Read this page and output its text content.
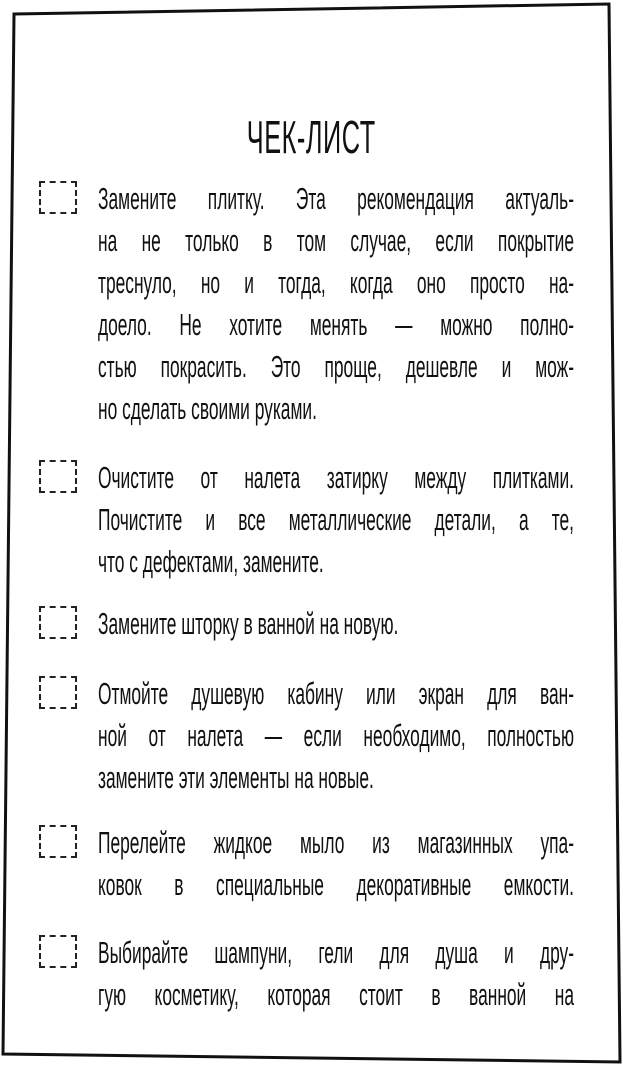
ЧЕК-ЛИСТ
Замените плитку. Эта рекомендация актуаль-
на не только в том случае, если покрытие
треснуло, но и тогда, когда оно просто на-
доело. Не хотите менять — можно полно-
стью покрасить. Это проще, дешевле и мож-
но сделать своими руками.
Очистите от налета затирку между плитками.
Почистите и все металлические детали, а те,
что с дефектами, замените.
Замените шторку в ванной на новую.
Отмойте душевую кабину или экран для ван-
ной от налета — если необходимо, полностью
замените эти элементы на новые.
Перелейте жидкое мыло из магазинных упа-
ковок в специальные декоративные емкости.
Выбирайте шампуни, гели для душа и дру-
гую косметику, которая стоит в ванной на
